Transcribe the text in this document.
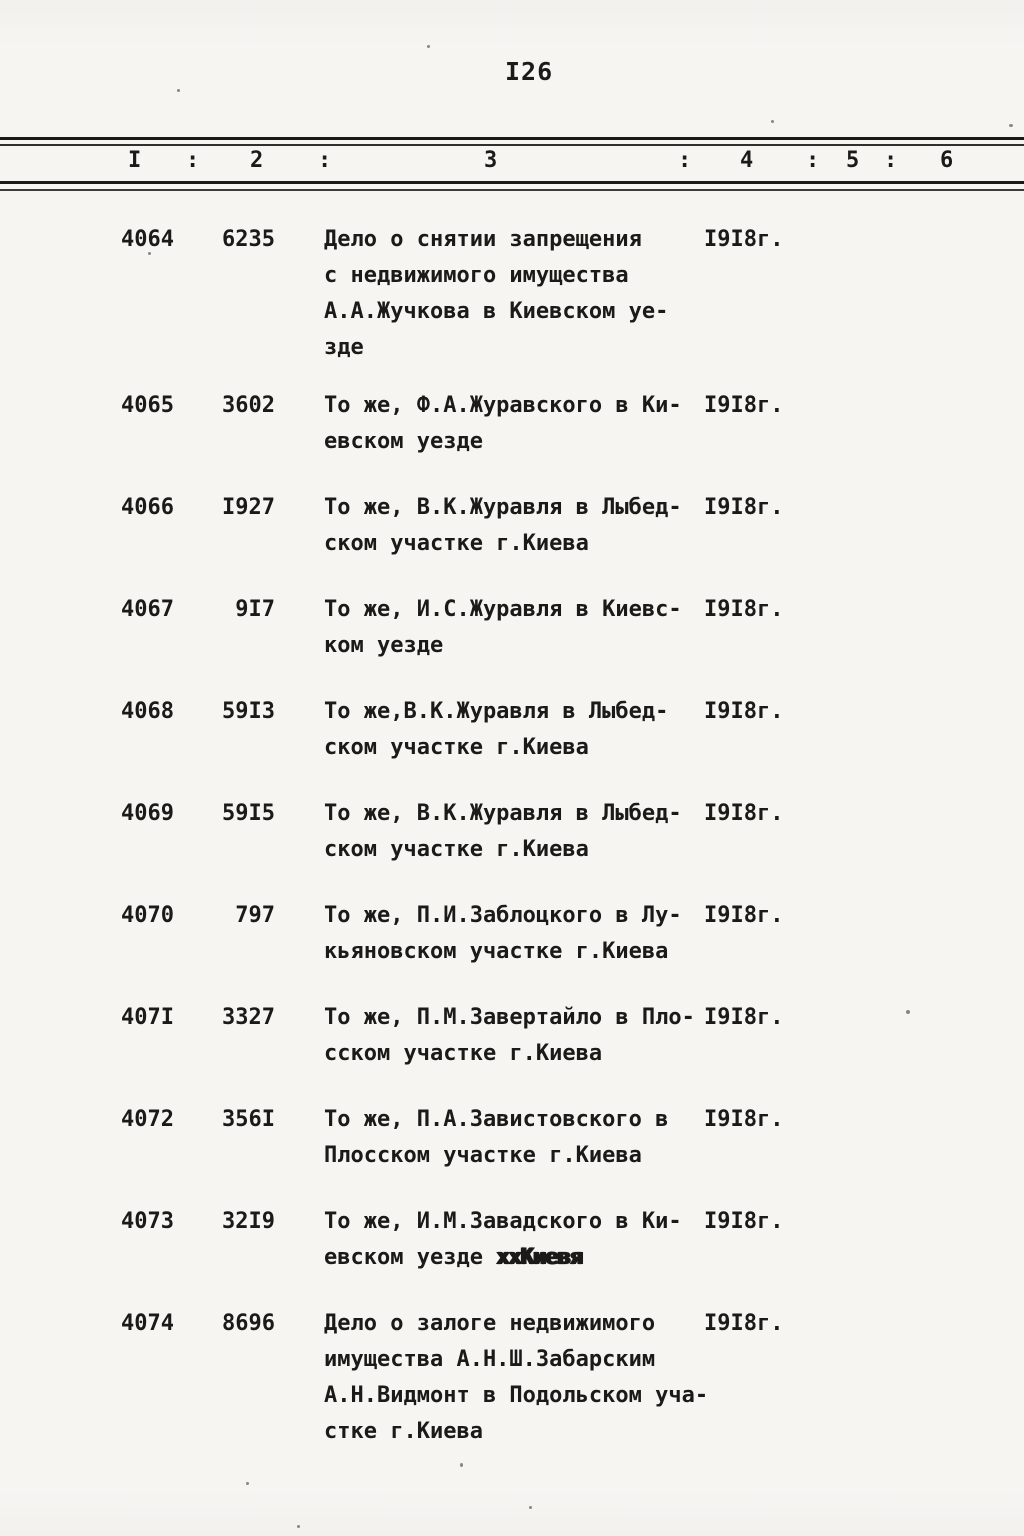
I26
I : 2 :	3	: 4 : 5 : 6
4064	6235 Дело о снятии запрещения
с недвижимого имущества
А.А.Жучкова в Киевском уе-
зде
I9I8г.
4065	3602 То же, Ф.А.Журавского в Ки-
евском уезде
I9I8г.
4066	I927 То же, В.К.Журавля в Лыбед-
ском участке г.Киева
I9I8г.
4067	9I7 То же, И.С.Журавля в Киевс-
ком уезде
I9I8г.
4068	59I3 То же,В.К.Журавля в Лыбед-
ском участке г.Киева
I9I8г.
4069	59I5 То же, В.К.Журавля в Лыбед-
ском участке г.Киева
I9I8г.
4070	797 То же, П.И.Заблоцкого в Лу-
кьяновском участке г.Киева
I9I8г.
407I	3327 То же, П.М.Завертайло в Пло-
сском участке г.Киева
I9I8г.
4072	356I То же, П.А.Завистовского в
Плосском участке г.Киева
I9I8г.
4073	32I9 То же, И.М.Завадского в Ки-
евском уезде ххКиевя
I9I8г.
4074	8696 Дело о залоге недвижимого
имущества А.Н.Ш.Забарским
А.Н.Видмонт в Подольском уча-
стке г.Киева
I9I8г.
